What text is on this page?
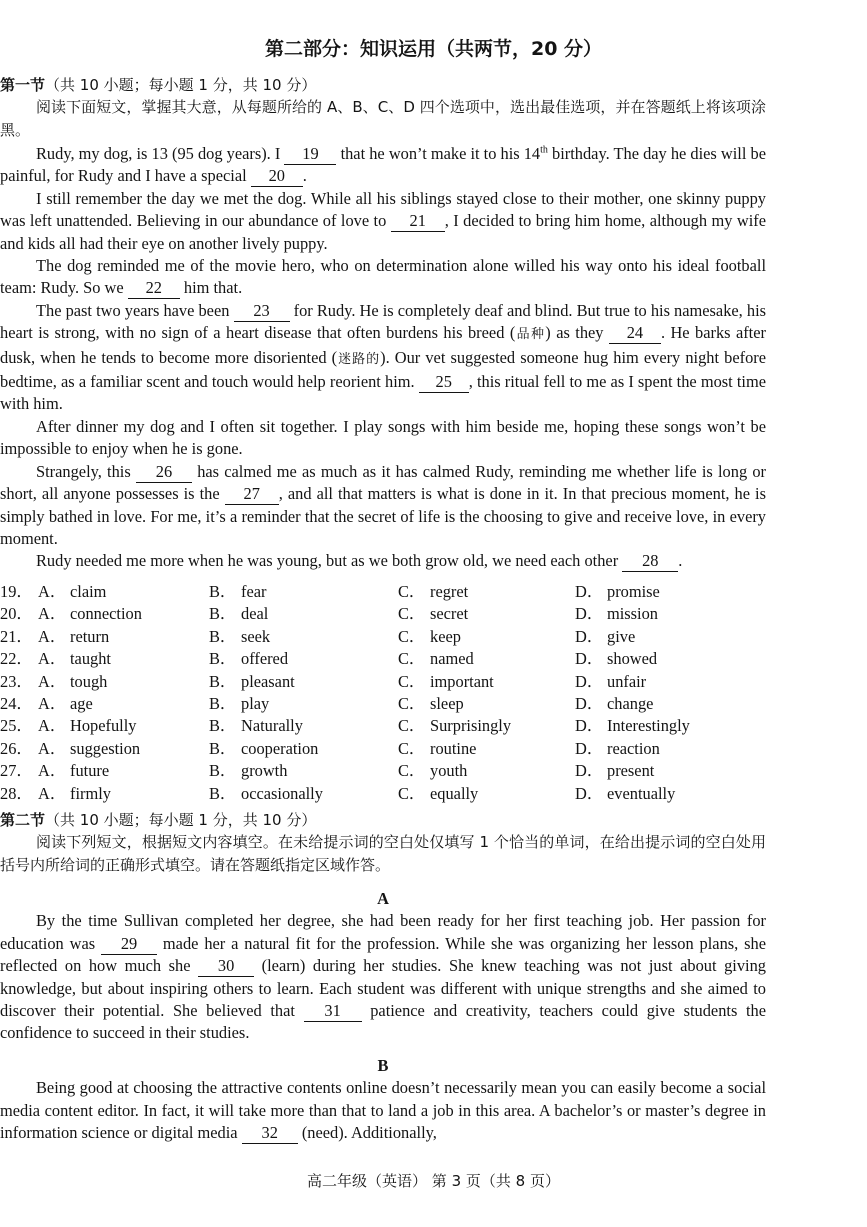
第二部分：知识运用（共两节，20 分）

第一节（共 10 小题；每小题 1 分，共 10 分）

阅读下面短文，掌握其大意，从每题所给的 A、B、C、D 四个选项中，选出最佳选项，并在答题纸上将该项涂黑。

Rudy, my dog, is 13 (95 dog years). I 19 that he won’t make it to his 14th birthday. The day he dies will be painful, for Rudy and I have a special 20 .

I still remember the day we met the dog. While all his siblings stayed close to their mother, one skinny puppy was left unattended. Believing in our abundance of love to 21 , I decided to bring him home, although my wife and kids all had their eye on another lively puppy.

The dog reminded me of the movie hero, who on determination alone willed his way onto his ideal football team: Rudy. So we 22 him that.

The past two years have been 23 for Rudy. He is completely deaf and blind. But true to his namesake, his heart is strong, with no sign of a heart disease that often burdens his breed (品种) as they 24 . He barks after dusk, when he tends to become more disoriented (迷路的). Our vet suggested someone hug him every night before bedtime, as a familiar scent and touch would help reorient him. 25 , this ritual fell to me as I spent the most time with him.

After dinner my dog and I often sit together. I play songs with him beside me, hoping these songs won’t be impossible to enjoy when he is gone.

Strangely, this 26 has calmed me as much as it has calmed Rudy, reminding me whether life is long or short, all anyone possesses is the 27 , and all that matters is what is done in it. In that precious moment, he is simply bathed in love. For me, it’s a reminder that the secret of life is the choosing to give and receive love, in every moment.

Rudy needed me more when he was young, but as we both grow old, we need each other 28 .

19． A． claim	B． fear	C． regret	D． promise
20． A． connection	B． deal	C． secret	D． mission
21． A． return	B． seek	C． keep	D． give
22． A． taught	B． offered	C． named	D． showed
23． A． tough	B． pleasant	C． important	D． unfair
24． A． age	B． play	C． sleep	D． change
25． A． Hopefully	B． Naturally	C． Surprisingly	D． Interestingly
26． A． suggestion	B． cooperation	C． routine	D． reaction
27． A． future	B． growth	C． youth	D． present
28． A． firmly	B． occasionally	C． equally	D． eventually

第二节（共 10 小题；每小题 1 分，共 10 分）

阅读下列短文，根据短文内容填空。在未给提示词的空白处仅填写 1 个恰当的单词，在给出提示词的空白处用括号内所给词的正确形式填空。请在答题纸指定区域作答。

A

By the time Sullivan completed her degree, she had been ready for her first teaching job. Her passion for education was 29 made her a natural fit for the profession. While she was organizing her lesson plans, she reflected on how much she 30 (learn) during her studies. She knew teaching was not just about giving knowledge, but about inspiring others to learn. Each student was different with unique strengths and she aimed to discover their potential. She believed that 31 patience and creativity, teachers could give students the confidence to succeed in their studies.

B

Being good at choosing the attractive contents online doesn’t necessarily mean you can easily become a social media content editor. In fact, it will take more than that to land a job in this area. A bachelor’s or master’s degree in information science or digital media 32 (need). Additionally,

高二年级（英语） 第 3 页（共 8 页）
